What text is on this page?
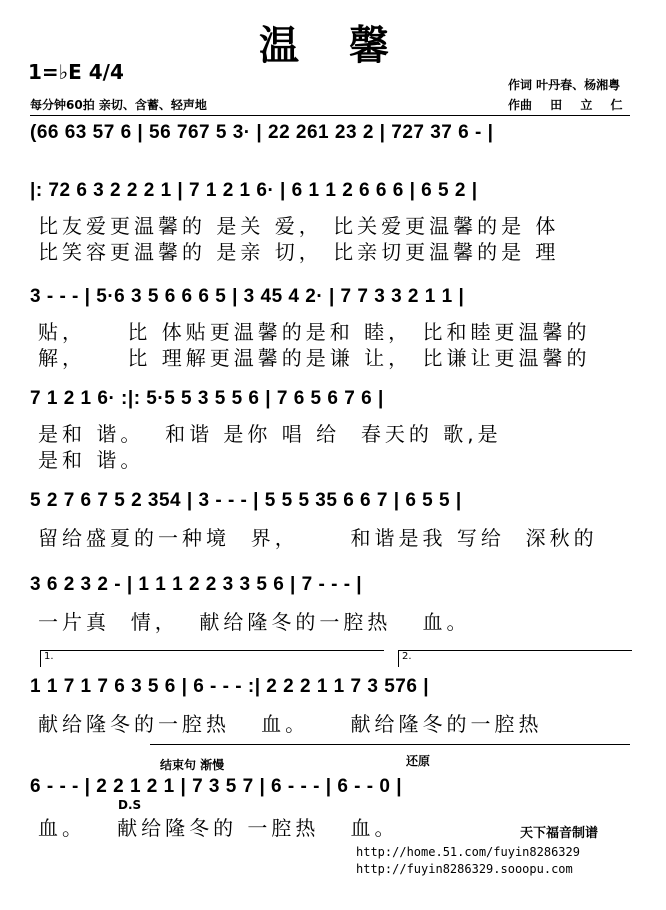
温 馨
1=♭E 4/4
每分钟60拍 亲切、含蓄、轻声地
作词 叶丹春、杨湘粤
作曲 田 立 仁
(66 63 57 6 | 56 767 5 3· | 22 261 23 2 | 727 37 6 - |
|: 72 6 3 2 2 2 1 | 7 1 2 1 6· | 6 1 1 2 6 6 6 | 6 5 2 |
比友爱更温馨的 是关 爱， 比关爱更温馨的是 体
比笑容更温馨的 是亲 切， 比亲切更温馨的是 理
3 - - - | 5·6 3 5 6 6 6 5 | 3 45 4 2· | 7 7 3 3 2 1 1 |
贴，    比 体贴更温馨的是和 睦， 比和睦更温馨的
解，    比 理解更温馨的是谦 让， 比谦让更温馨的
7 1 2 1 6· :|: 5·5 5 3 5 5 6 | 7 6 5 6 7 6 |
是和 谐。  和谐 是你 唱 给  春天的 歌,是
是和 谐。
5 2 7 6 7 5 2 354 | 3 - - - | 5 5 5 35 6 6 7 | 6 5 5 |
留给盛夏的一种境  界，     和谐是我 写给  深秋的
3 6 2 3 2 - | 1 1 1 2 2 3 3 5 6 | 7 - - - |
一片真  情，  献给隆冬的一腔热   血。
1.	2.
1 1 7 1 7 6 3 5 6 | 6 - - - :| 2 2 2 1 1 7 3 576 |
献给隆冬的一腔热   血。    献给隆冬的一腔热
结束句 渐慢	还原
6 - - - | 2 2 1 2 1 | 7 3 5 7 | 6 - - - | 6 - - 0 |
D.S
血。   献给隆冬的 一腔热   血。	天下福音制谱
http://home.51.com/fuyin8286329
http://fuyin8286329.sooopu.com
